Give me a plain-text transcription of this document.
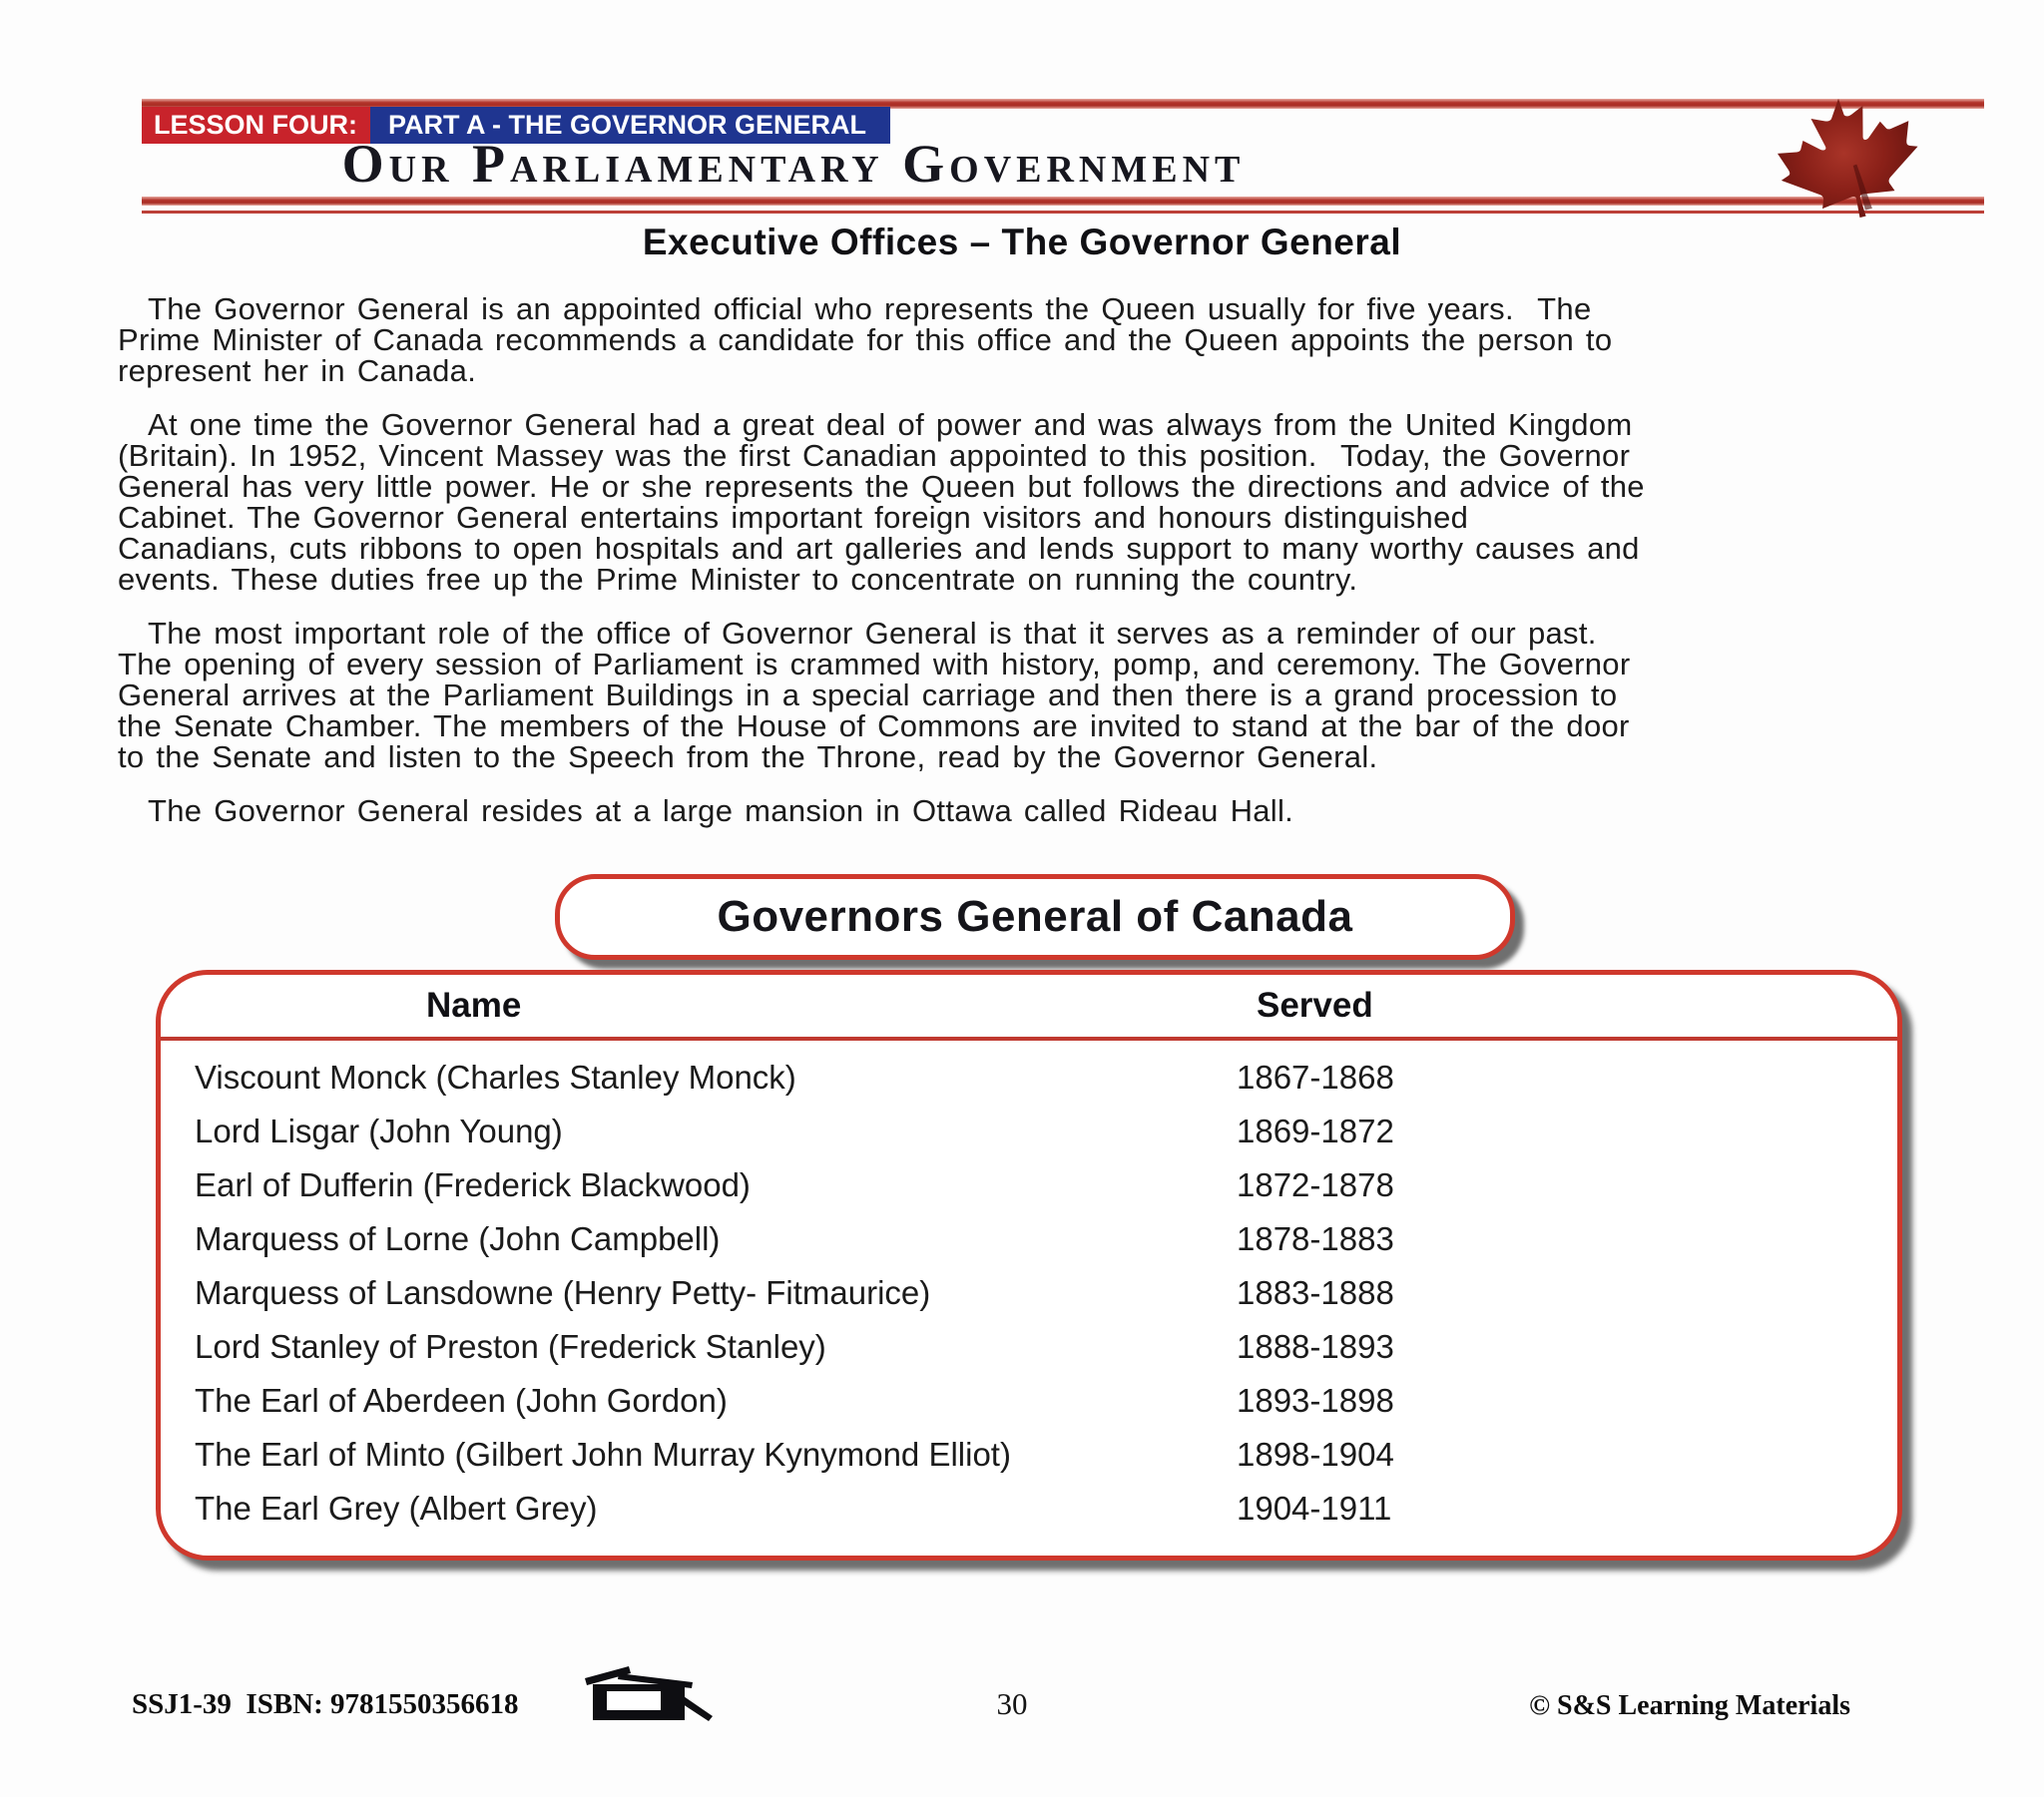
LESSON FOUR:	PART A - THE GOVERNOR GENERAL
Our Parliamentary Government
Executive Offices – The Governor General
The Governor General is an appointed official who represents the Queen usually for five years.  The
Prime Minister of Canada recommends a candidate for this office and the Queen appoints the person to
represent her in Canada.
At one time the Governor General had a great deal of power and was always from the United Kingdom
(Britain). In 1952, Vincent Massey was the first Canadian appointed to this position.  Today, the Governor
General has very little power. He or she represents the Queen but follows the directions and advice of the
Cabinet. The Governor General entertains important foreign visitors and honours distinguished
Canadians, cuts ribbons to open hospitals and art galleries and lends support to many worthy causes and
events. These duties free up the Prime Minister to concentrate on running the country.
The most important role of the office of Governor General is that it serves as a reminder of our past.
The opening of every session of Parliament is crammed with history, pomp, and ceremony. The Governor
General arrives at the Parliament Buildings in a special carriage and then there is a grand procession to
the Senate Chamber. The members of the House of Commons are invited to stand at the bar of the door
to the Senate and listen to the Speech from the Throne, read by the Governor General.
The Governor General resides at a large mansion in Ottawa called Rideau Hall.
Governors General of Canada
Name	Served
Viscount Monck (Charles Stanley Monck)	1867-1868
Lord Lisgar (John Young)	1869-1872
Earl of Dufferin (Frederick Blackwood)	1872-1878
Marquess of Lorne (John Campbell)	1878-1883
Marquess of Lansdowne (Henry Petty- Fitmaurice)	1883-1888
Lord Stanley of Preston (Frederick Stanley)	1888-1893
The Earl of Aberdeen (John Gordon)	1893-1898
The Earl of Minto (Gilbert John Murray Kynymond Elliot)	1898-1904
The Earl Grey (Albert Grey)	1904-1911
SSJ1-39  ISBN: 9781550356618	30	© S&S Learning Materials
